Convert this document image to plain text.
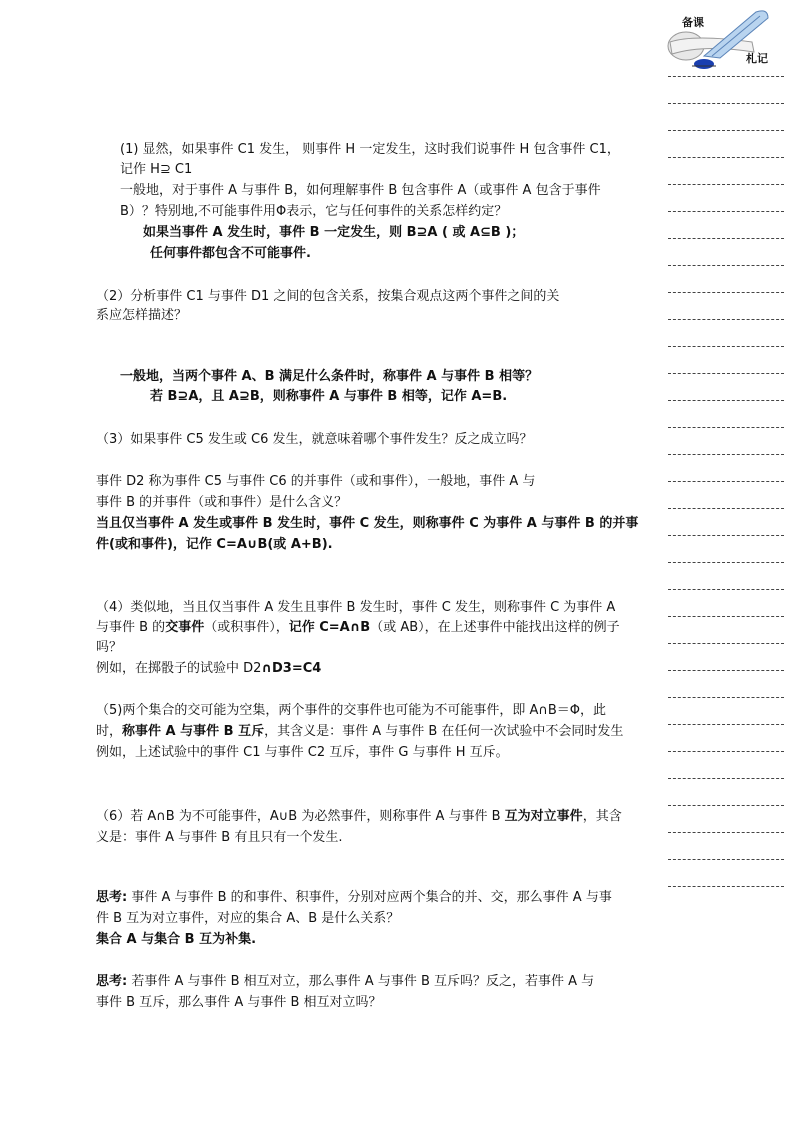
备课
札记
(1) 显然，如果事件 C1 发生， 则事件 H 一定发生，这时我们说事件 H 包含事件 C1，
记作 H⊇ C1
一般地，对于事件 A 与事件 B，如何理解事件 B 包含事件 A（或事件 A 包含于事件
B）？特别地,不可能事件用Φ表示，它与任何事件的关系怎样约定？
如果当事件 A 发生时，事件 B 一定发生，则 B⊇A ( 或 A⊆B )；
任何事件都包含不可能事件.
（2）分析事件 C1 与事件 D1 之间的包含关系，按集合观点这两个事件之间的关
系应怎样描述？
一般地，当两个事件 A、B 满足什么条件时，称事件 A 与事件 B 相等？
若 B⊇A，且 A⊇B，则称事件 A 与事件 B 相等，记作 A=B.
（3）如果事件 C5 发生或 C6 发生，就意味着哪个事件发生？反之成立吗？
事件 D2 称为事件 C5 与事件 C6 的并事件（或和事件），一般地，事件 A 与
事件 B 的并事件（或和事件）是什么含义？
当且仅当事件 A 发生或事件 B 发生时，事件 C 发生，则称事件 C 为事件 A 与事件 B 的并事
件(或和事件)，记作 C=A∪B(或 A+B).
（4）类似地，当且仅当事件 A 发生且事件 B 发生时，事件 C 发生，则称事件 C 为事件 A
与事件 B 的交事件（或积事件），记作 C=A∩B（或 AB），在上述事件中能找出这样的例子
吗？
例如，在掷骰子的试验中 D2∩D3=C4
（5)两个集合的交可能为空集，两个事件的交事件也可能为不可能事件，即 A∩B＝Φ，此
时，称事件 A 与事件 B 互斥，其含义是：事件 A 与事件 B 在任何一次试验中不会同时发生
例如，上述试验中的事件 C1 与事件 C2 互斥，事件 G 与事件 H 互斥。
（6）若 A∩B 为不可能事件，A∪B 为必然事件，则称事件 A 与事件 B 互为对立事件，其含
义是：事件 A 与事件 B 有且只有一个发生.
思考: 事件 A 与事件 B 的和事件、积事件，分别对应两个集合的并、交，那么事件 A 与事
件 B 互为对立事件，对应的集合 A、B 是什么关系？
集合 A 与集合 B 互为补集.
思考: 若事件 A 与事件 B 相互对立，那么事件 A 与事件 B 互斥吗？反之，若事件 A 与
事件 B 互斥，那么事件 A 与事件 B 相互对立吗？
